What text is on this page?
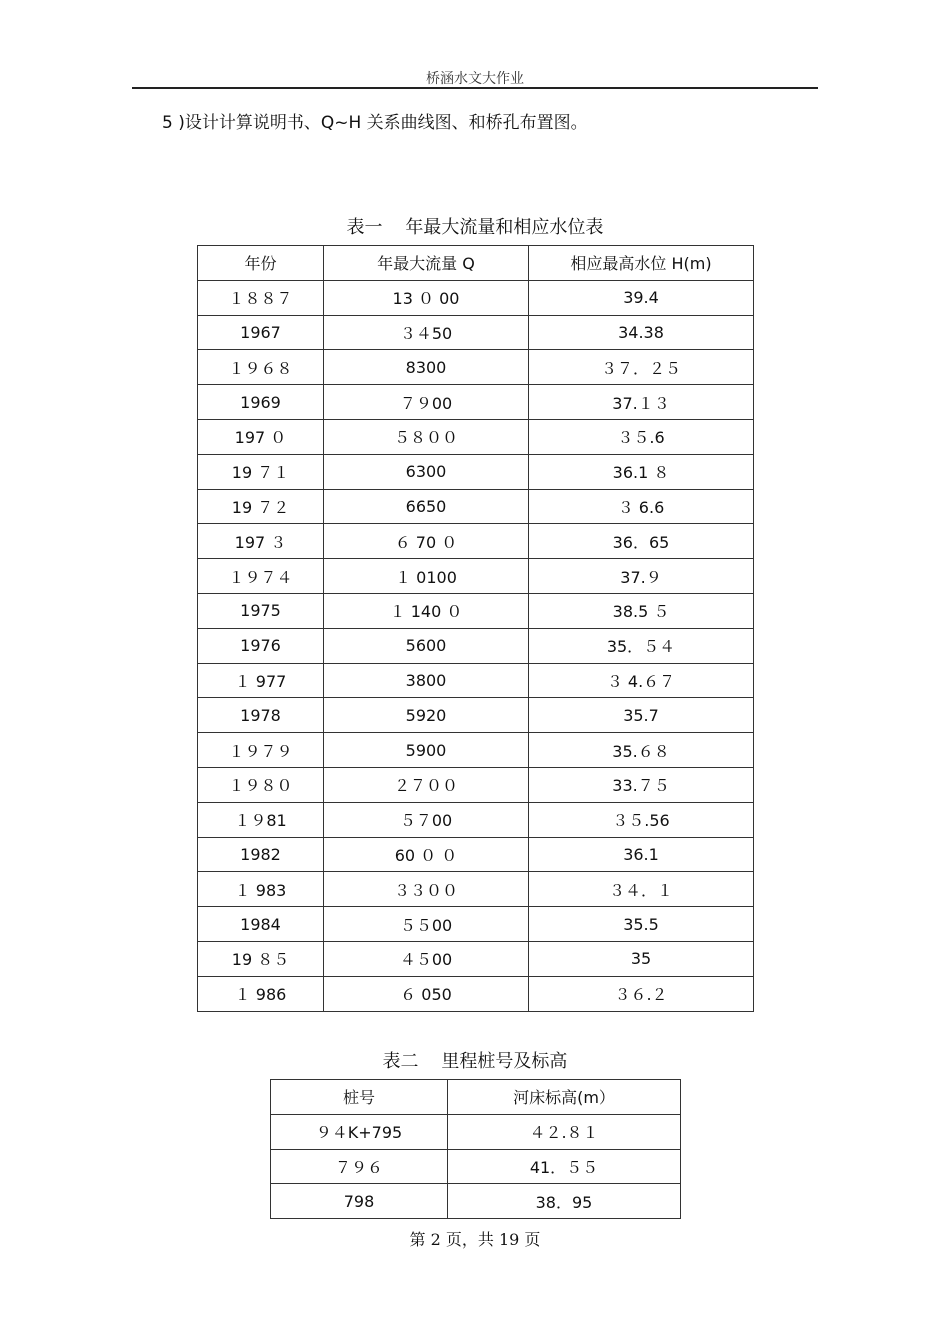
桥涵水文大作业
5 )设计计算说明书、Q~H 关系曲线图、和桥孔布置图。
表一    年最大流量和相应水位表
年份	年最大流量 Q	相应最高水位 H(m)
１８８７	13 ０ 00	39.4
1967	３４50	34.38
１９６８	8300	３７．２５
1969	７９00	37.１３
197 ０	５８００	３５.6
19 ７１	6300	36.1 ８
19 ７２	6650	３ 6.6
197 ３	６ 70 ０	36．65
１９７４	１ 0100	37.９
1975	１ 140 ０	38.5 ５
1976	5600	35．５４
１ 977	3800	３ 4.６７
1978	5920	35.7
１９７９	5900	35.６８
１９８０	２７００	33.７５
１９81	５７00	３５.56
1982	60 ０ ０	36.1
１ 983	３３００	３４．１
1984	５５00	35.5
19 ８５	４５00	35
１ 986	６ 050	３６.２
表二    里程桩号及标高
桩号	河床标高(m）
９４K+795	４２.８１
７９６	41．５５
798	38．95
第 2 页，共 19 页
